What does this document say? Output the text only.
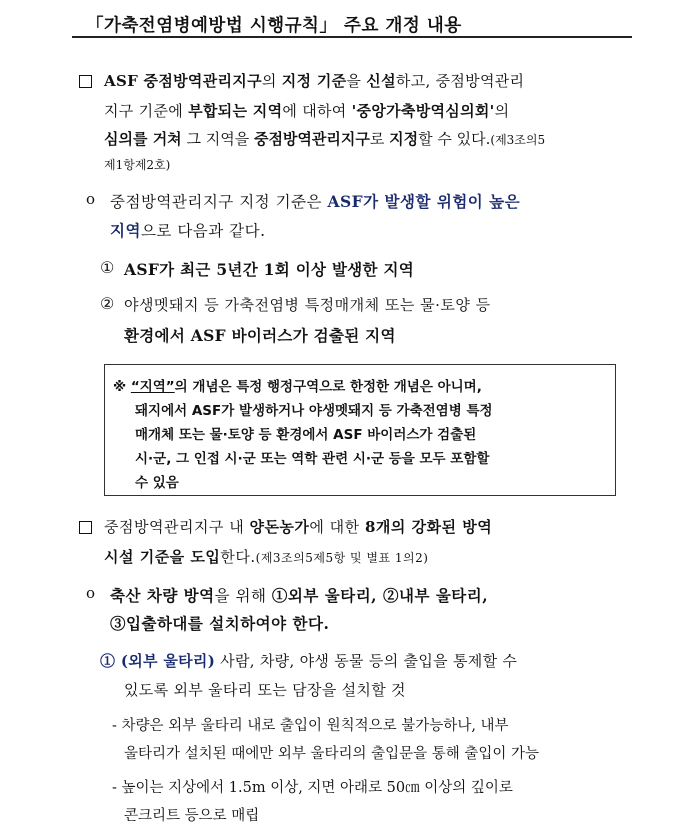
「가축전염병예방법 시행규칙」 주요 개정 내용
ASF 중점방역관리지구의 지정 기준을 신설하고, 중점방역관리
지구 기준에 부합되는 지역에 대하여 '중앙가축방역심의회'의
심의를 거쳐 그 지역을 중점방역관리지구로 지정할 수 있다.(제3조의5
제1항제2호)
o 중점방역관리지구 지정 기준은 ASF가 발생할 위험이 높은
지역으로 다음과 같다.
① ASF가 최근 5년간 1회 이상 발생한 지역
② 야생멧돼지 등 가축전염병 특정매개체 또는 물·토양 등
환경에서 ASF 바이러스가 검출된 지역
※ “지역”의 개념은 특정 행정구역으로 한정한 개념은 아니며,
돼지에서 ASF가 발생하거나 야생멧돼지 등 가축전염병 특정
매개체 또는 물·토양 등 환경에서 ASF 바이러스가 검출된
시·군, 그 인접 시·군 또는 역학 관련 시·군 등을 모두 포함할
수 있음
중점방역관리지구 내 양돈농가에 대한 8개의 강화된 방역
시설 기준을 도입한다.(제3조의5제5항 및 별표 1의2)
o 축산 차량 방역을 위해 ①외부 울타리, ②내부 울타리,
③입출하대를 설치하여야 한다.
① (외부 울타리) 사람, 차량, 야생 동물 등의 출입을 통제할 수
있도록 외부 울타리 또는 담장을 설치할 것
- 차량은 외부 울타리 내로 출입이 원칙적으로 불가능하나, 내부
울타리가 설치된 때에만 외부 울타리의 출입문을 통해 출입이 가능
- 높이는 지상에서 1.5m 이상, 지면 아래로 50㎝ 이상의 깊이로
콘크리트 등으로 매립
